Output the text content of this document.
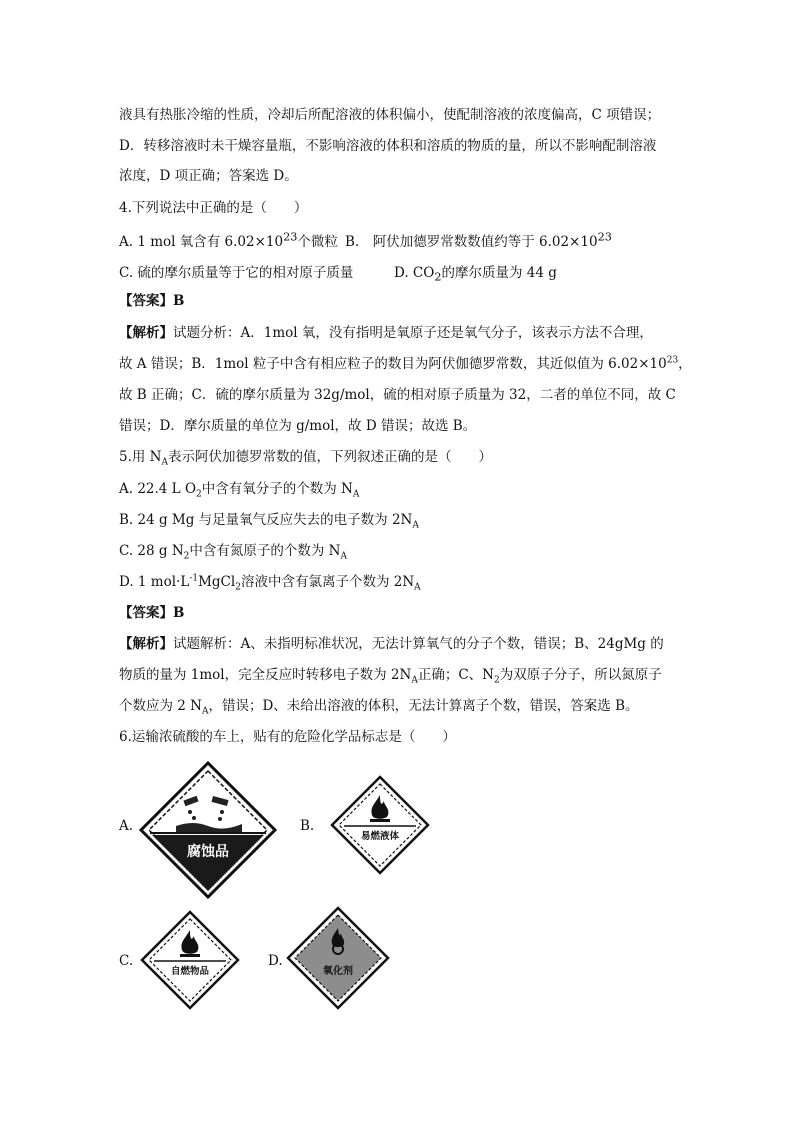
液具有热胀冷缩的性质，冷却后所配溶液的体积偏小，使配制溶液的浓度偏高，C 项错误；
D．转移溶液时未干燥容量瓶，不影响溶液的体积和溶质的物质的量，所以不影响配制溶液
浓度，D 项正确；答案选 D。
4.下列说法中正确的是（　　）
A. 1 mol 氧含有 $6.02\times 10^{23}$个微粒 B.　阿伏加德罗常数数值约等于 $6.02\times 10^{23}$
C. 硫的摩尔质量等于它的相对原子质量	D. $CO_2$的摩尔质量为 44 g
【答案】B
【解析】试题分析：A．1mol 氧，没有指明是氧原子还是氧气分子，该表示方法不合理，
故 A 错误；B．1mol 粒子中含有相应粒子的数目为阿伏伽德罗常数，其近似值为 $6.02\times 10^{23}$，
故 B 正确；C．硫的摩尔质量为 32g/mol，硫的相对原子质量为 32，二者的单位不同，故 C
错误；D．摩尔质量的单位为 g/mol，故 D 错误；故选 B。
5.用 $N_A$表示阿伏加德罗常数的值，下列叙述正确的是（　　）
A. 22.4 L $O_2$中含有氧分子的个数为 $N_A$
B. 24 g Mg 与足量氧气反应失去的电子数为 $2N_A$
C. 28 g $N_2$中含有氮原子的个数为 $N_A$
D. 1 $mol\cdot L^{-1}MgCl_2$溶液中含有氯离子个数为 $2N_A$
【答案】B
【解析】试题解析：A、未指明标准状况，无法计算氧气的分子个数，错误；B、24gMg 的
物质的量为 1mol，完全反应时转移电子数为 $2N_A$正确；C、$N_2$为双原子分子，所以氮原子
个数应为 2 $N_A$，错误；D、未给出溶液的体积，无法计算离子个数，错误，答案选 B。
6.运输浓硫酸的车上，贴有的危险化学品标志是（　　）
A.
腐蚀品
B.
易燃液体
C.
自燃物品
D.
氧化剂
